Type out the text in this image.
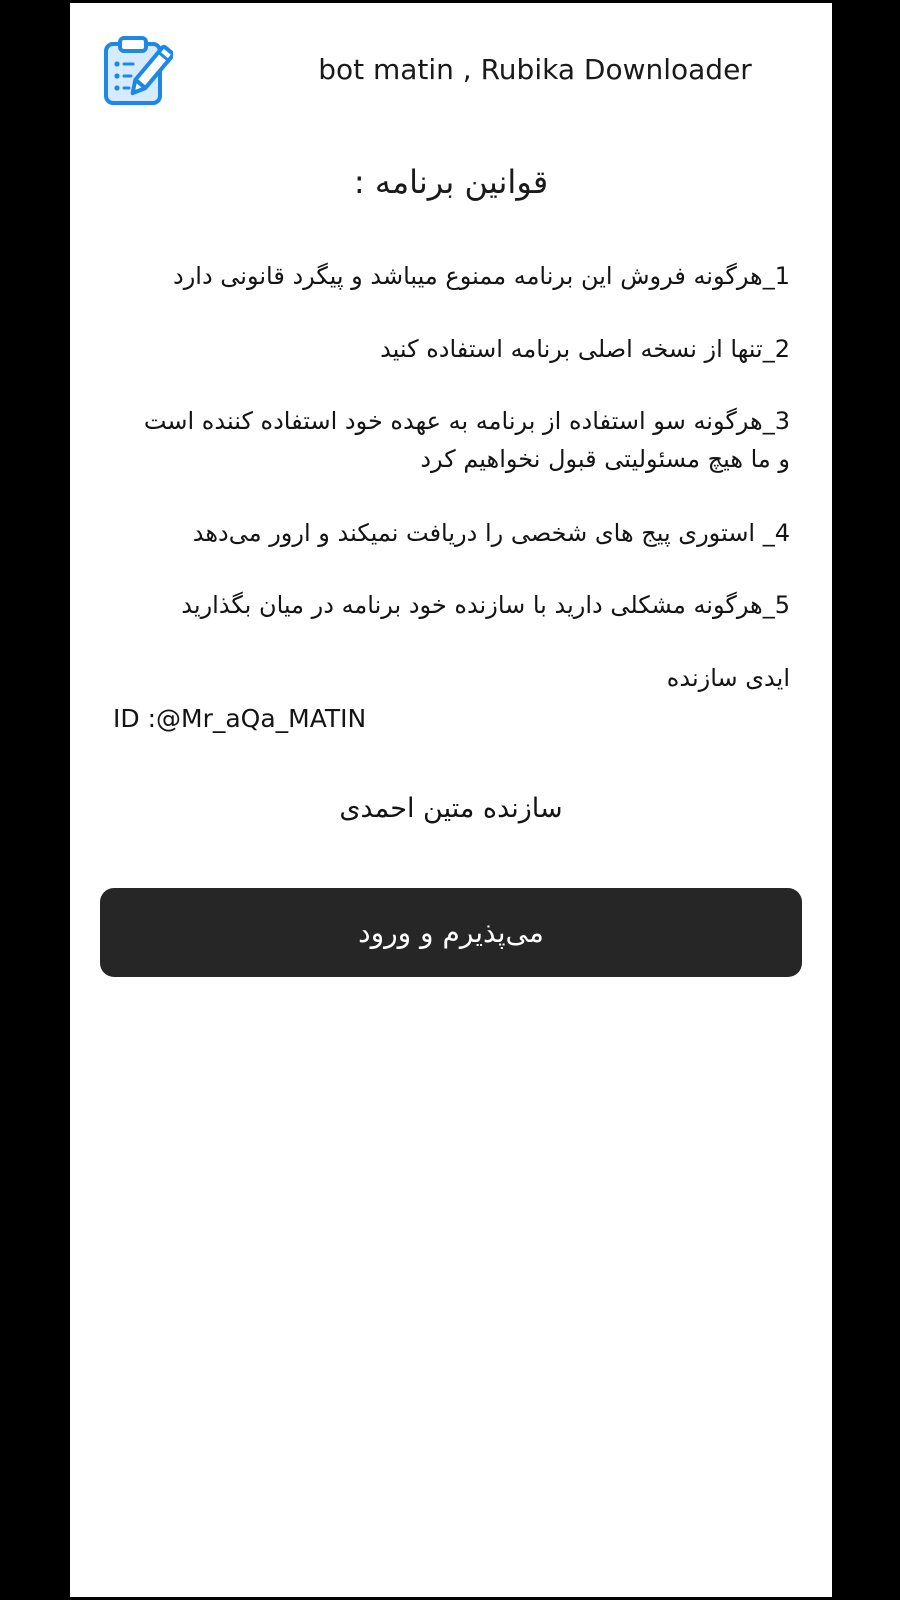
bot matin , Rubika Downloader
قوانین برنامه :
1_هرگونه فروش این برنامه ممنوع میباشد و پیگرد قانونی دارد
2_تنها از نسخه اصلی برنامه استفاده کنید
3_هرگونه سو استفاده از برنامه به عهده خود استفاده کننده است و ما هیچ مسئولیتی قبول نخواهیم کرد
4_ استوری پیج های شخصی را دریافت نمیکند و ارور می‌دهد
5_هرگونه مشکلی دارید با سازنده خود برنامه در میان بگذارید
ایدی سازنده
ID :@Mr_aQa_MATIN
سازنده متین احمدی
می‌پذیرم و ورود
